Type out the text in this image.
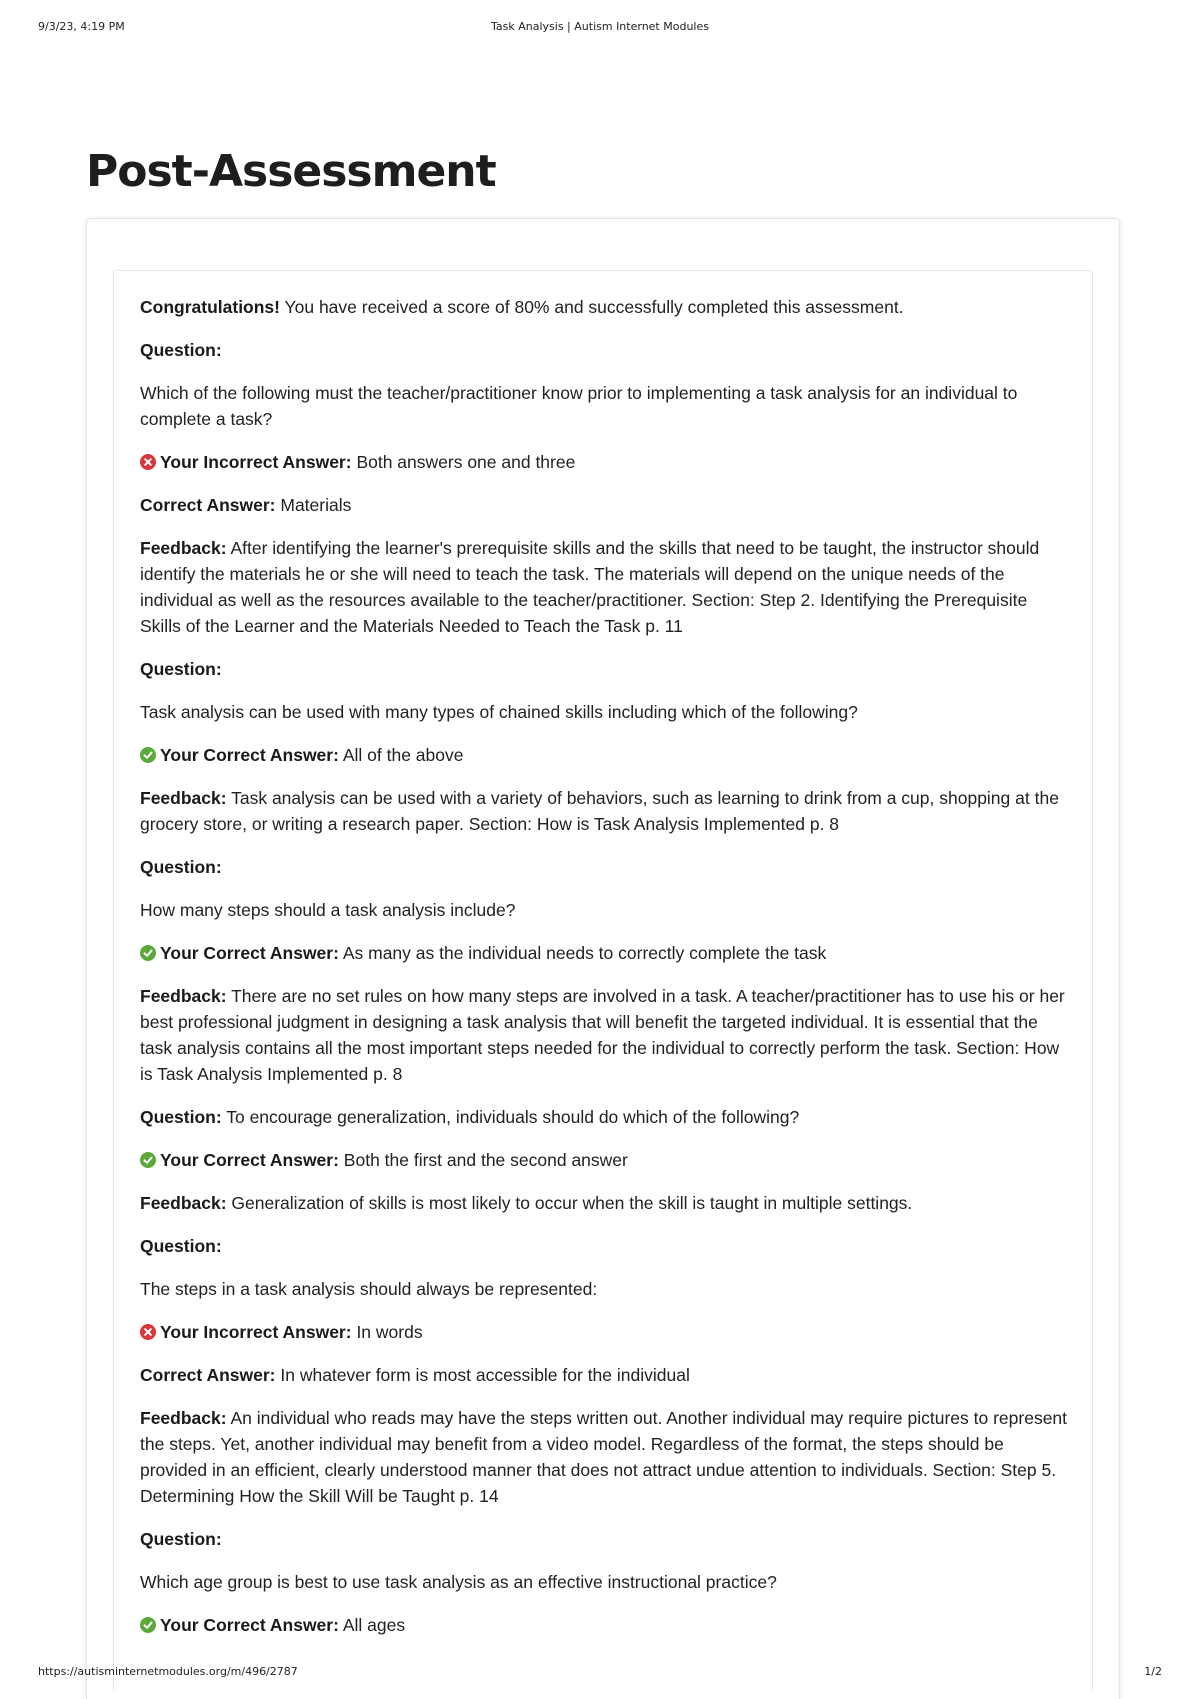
9/3/23, 4:19 PM	Task Analysis | Autism Internet Modules
Post-Assessment

Congratulations! You have received a score of 80% and successfully completed this assessment.

Question:

Which of the following must the teacher/practitioner know prior to implementing a task analysis for an individual to complete a task?

Your Incorrect Answer: Both answers one and three

Correct Answer: Materials

Feedback: After identifying the learner's prerequisite skills and the skills that need to be taught, the instructor should identify the materials he or she will need to teach the task. The materials will depend on the unique needs of the individual as well as the resources available to the teacher/practitioner. Section: Step 2. Identifying the Prerequisite Skills of the Learner and the Materials Needed to Teach the Task p. 11

Question:

Task analysis can be used with many types of chained skills including which of the following?

Your Correct Answer: All of the above

Feedback: Task analysis can be used with a variety of behaviors, such as learning to drink from a cup, shopping at the grocery store, or writing a research paper. Section: How is Task Analysis Implemented p. 8

Question:

How many steps should a task analysis include?

Your Correct Answer: As many as the individual needs to correctly complete the task

Feedback: There are no set rules on how many steps are involved in a task. A teacher/practitioner has to use his or her best professional judgment in designing a task analysis that will benefit the targeted individual. It is essential that the task analysis contains all the most important steps needed for the individual to correctly perform the task. Section: How is Task Analysis Implemented p. 8

Question: To encourage generalization, individuals should do which of the following?

Your Correct Answer: Both the first and the second answer

Feedback: Generalization of skills is most likely to occur when the skill is taught in multiple settings.

Question:

The steps in a task analysis should always be represented:

Your Incorrect Answer: In words

Correct Answer: In whatever form is most accessible for the individual

Feedback: An individual who reads may have the steps written out. Another individual may require pictures to represent the steps. Yet, another individual may benefit from a video model. Regardless of the format, the steps should be provided in an efficient, clearly understood manner that does not attract undue attention to individuals. Section: Step 5. Determining How the Skill Will be Taught p. 14

Question:

Which age group is best to use task analysis as an effective instructional practice?

Your Correct Answer: All ages

https://autisminternetmodules.org/m/496/2787	1/2
